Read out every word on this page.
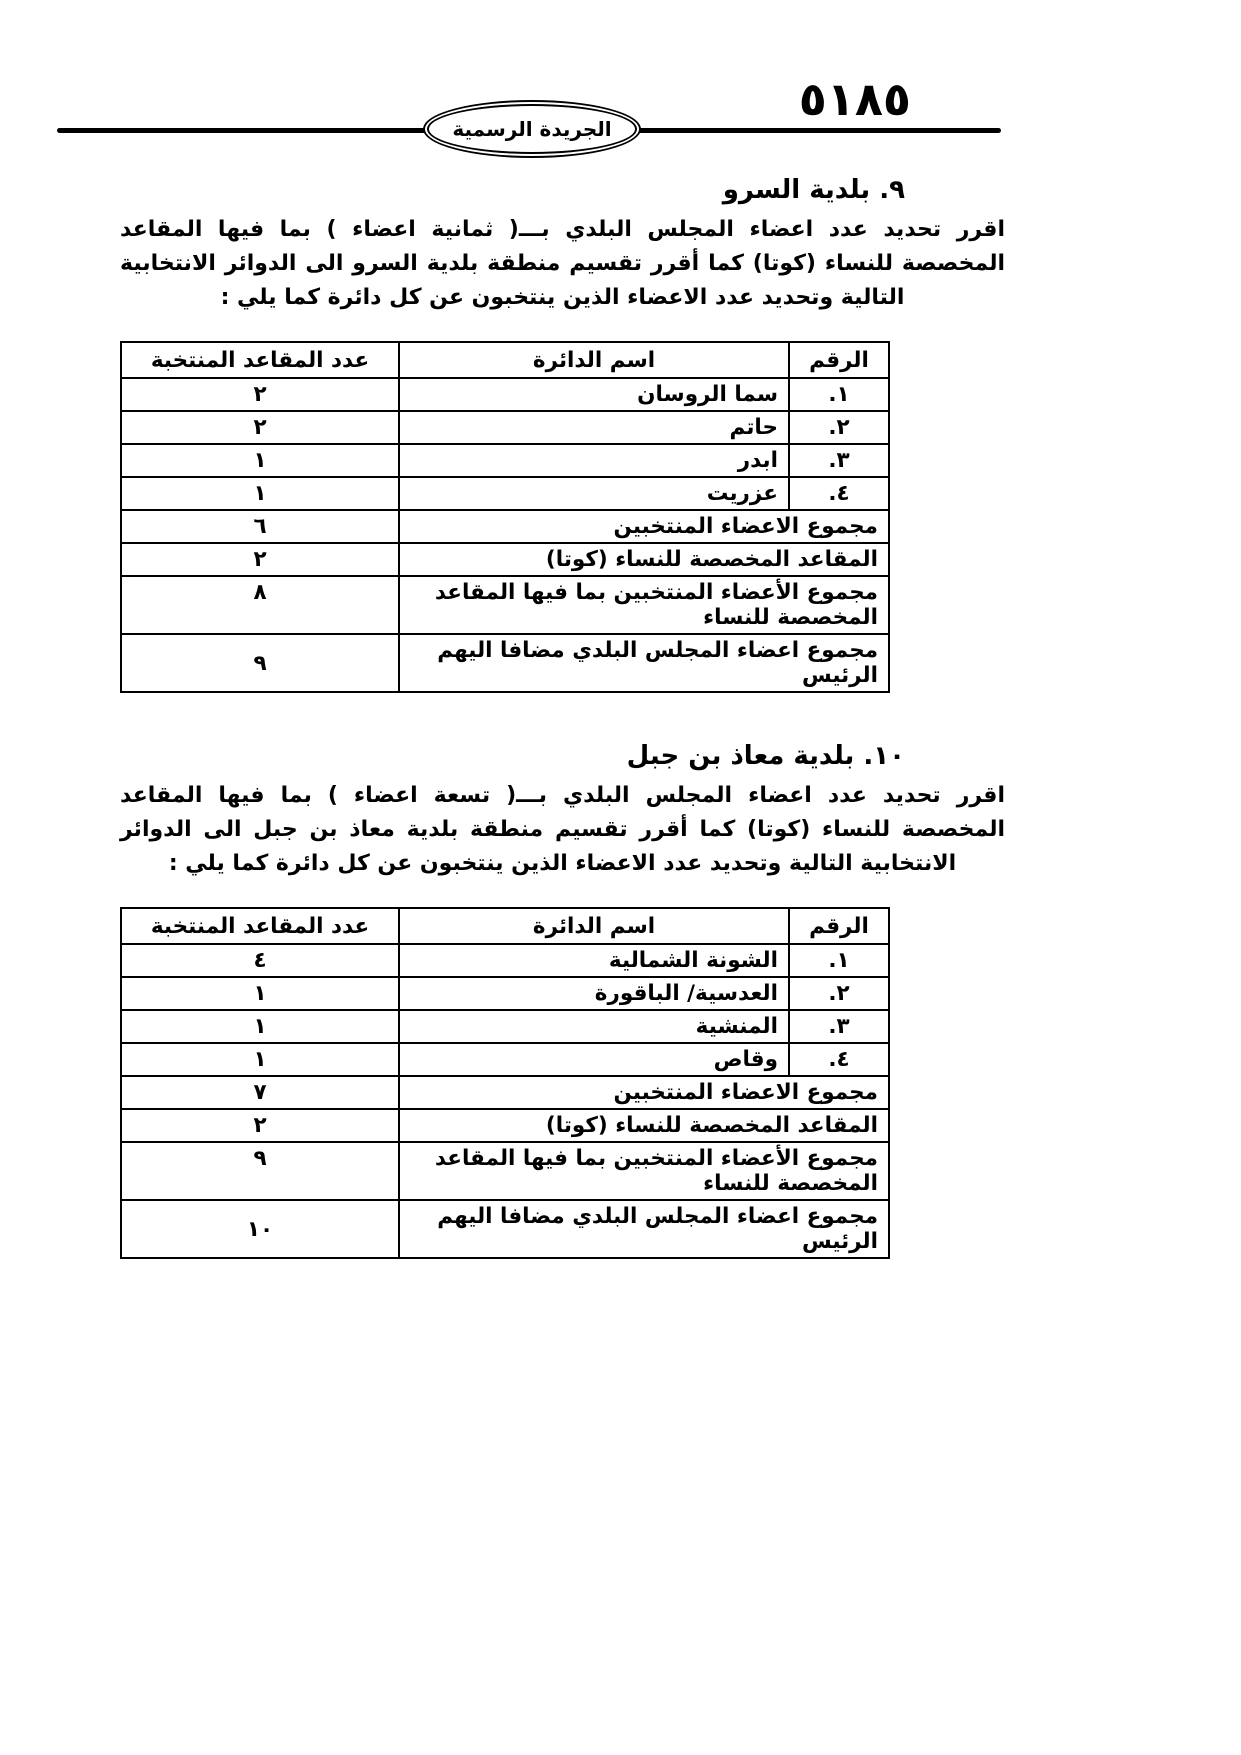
٥١٨٥
الجريدة الرسمية
٩. بلدية السرو
اقرر تحديد عدد اعضاء المجلس البلدي بـــ( ثمانية اعضاء ) بما فيها المقاعد
المخصصة للنساء (كوتا) كما أقرر تقسيم منطقة بلدية السرو الى الدوائر الانتخابية
التالية وتحديد عدد الاعضاء الذين ينتخبون عن كل دائرة كما يلي :
الرقم	اسم الدائرة	عدد المقاعد المنتخبة
١.	سما الروسان	٢
٢.	حاتم	٢
٣.	ابدر	١
٤.	عزريت	١
مجموع الاعضاء المنتخبين		٦
المقاعد المخصصة للنساء (كوتا)		٢
مجموع الأعضاء المنتخبين بما فيها المقاعد المخصصة للنساء		٨
مجموع اعضاء المجلس البلدي مضافا اليهم الرئيس		٩
١٠. بلدية معاذ بن جبل
اقرر تحديد عدد اعضاء المجلس البلدي بـــ( تسعة اعضاء ) بما فيها المقاعد
المخصصة للنساء (كوتا) كما أقرر تقسيم منطقة بلدية معاذ بن جبل الى الدوائر
الانتخابية التالية وتحديد عدد الاعضاء الذين ينتخبون عن كل دائرة كما يلي :
الرقم	اسم الدائرة	عدد المقاعد المنتخبة
١.	الشونة الشمالية	٤
٢.	العدسية/ الباقورة	١
٣.	المنشية	١
٤.	وقاص	١
مجموع الاعضاء المنتخبين		٧
المقاعد المخصصة للنساء (كوتا)		٢
مجموع الأعضاء المنتخبين بما فيها المقاعد المخصصة للنساء		٩
مجموع اعضاء المجلس البلدي مضافا اليهم الرئيس		١٠
